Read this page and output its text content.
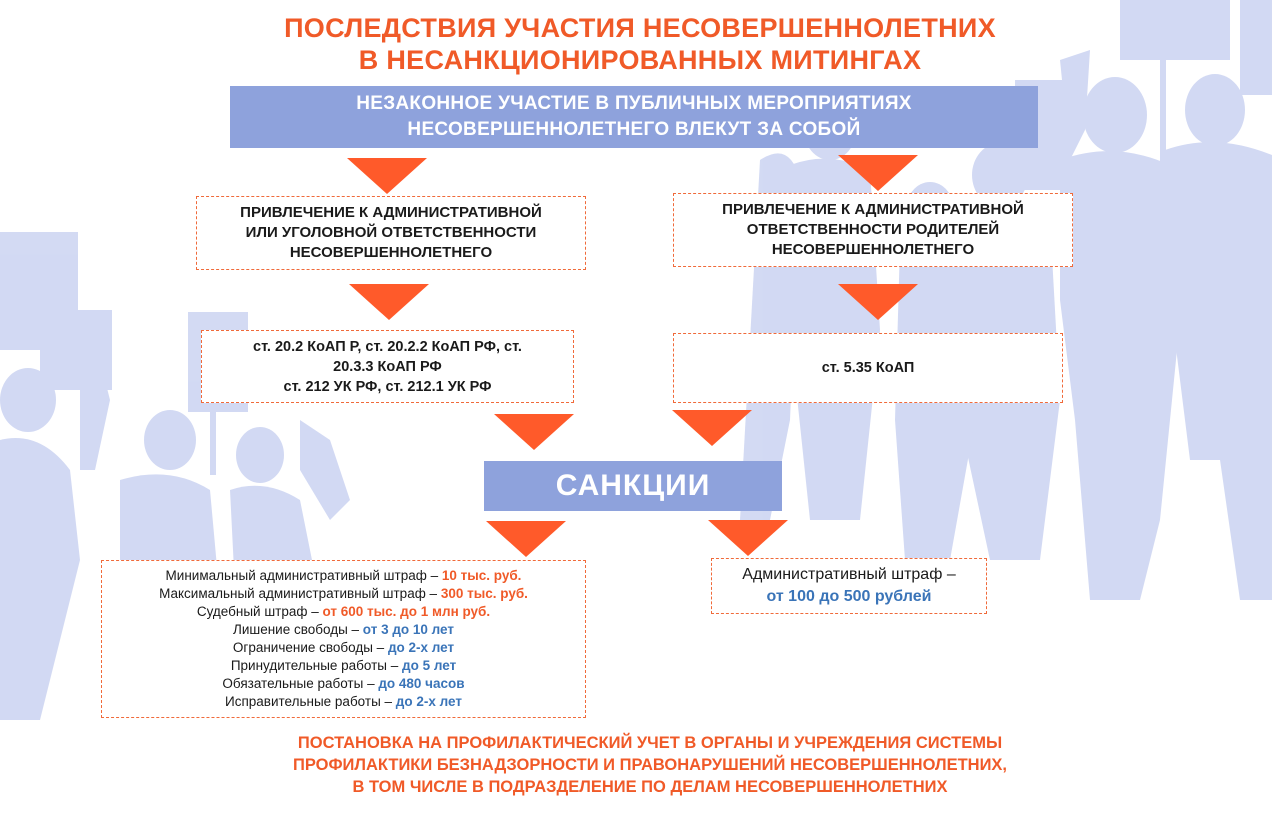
ПОСЛЕДСТВИЯ УЧАСТИЯ НЕСОВЕРШЕННОЛЕТНИХ
В НЕСАНКЦИОНИРОВАННЫХ МИТИНГАХ
НЕЗАКОННОЕ УЧАСТИЕ В ПУБЛИЧНЫХ МЕРОПРИЯТИЯХ
НЕСОВЕРШЕННОЛЕТНЕГО ВЛЕКУТ ЗА СОБОЙ
ПРИВЛЕЧЕНИЕ К АДМИНИСТРАТИВНОЙ
ИЛИ УГОЛОВНОЙ ОТВЕТСТВЕННОСТИ
НЕСОВЕРШЕННОЛЕТНЕГО
ПРИВЛЕЧЕНИЕ К АДМИНИСТРАТИВНОЙ
ОТВЕТСТВЕННОСТИ РОДИТЕЛЕЙ
НЕСОВЕРШЕННОЛЕТНЕГО
ст. 20.2 КоАП Р, ст. 20.2.2 КоАП РФ, ст.
20.3.3 КоАП РФ
ст. 212 УК РФ, ст. 212.1 УК РФ
ст. 5.35 КоАП
САНКЦИИ
Минимальный административный штраф – 10 тыс. руб.
Максимальный административный штраф – 300 тыс. руб.
Судебный штраф – от 600 тыс. до 1 млн руб.
Лишение свободы – от 3 до 10 лет
Ограничение свободы – до 2-х лет
Принудительные работы – до 5 лет
Обязательные работы – до 480 часов
Исправительные работы – до 2-х лет
Административный штраф –
от 100 до 500 рублей
ПОСТАНОВКА НА ПРОФИЛАКТИЧЕСКИЙ УЧЕТ В ОРГАНЫ И УЧРЕЖДЕНИЯ СИСТЕМЫ
ПРОФИЛАКТИКИ БЕЗНАДЗОРНОСТИ И ПРАВОНАРУШЕНИЙ НЕСОВЕРШЕННОЛЕТНИХ,
В ТОМ ЧИСЛЕ В ПОДРАЗДЕЛЕНИЕ ПО ДЕЛАМ НЕСОВЕРШЕННОЛЕТНИХ
